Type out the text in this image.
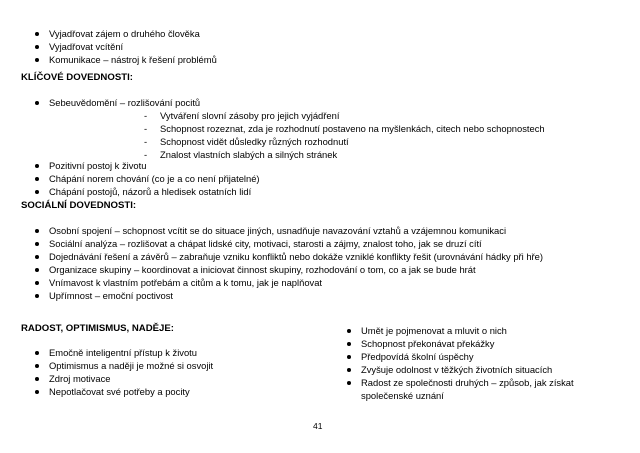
Vyjadřovat zájem o druhého člověka
Vyjadřovat vcítění
Komunikace – nástroj k řešení problémů
KLÍČOVÉ DOVEDNOSTI:
Sebeuvědomění – rozlišování pocitů
- Vytváření slovní zásoby pro jejich vyjádření
- Schopnost rozeznat, zda je rozhodnutí postaveno na myšlenkách, citech nebo schopnostech
- Schopnost vidět důsledky různých rozhodnutí
- Znalost vlastních slabých a silných stránek
Pozitivní postoj k životu
Chápání norem chování (co je a co není přijatelné)
Chápání postojů, názorů a hledisek ostatních lidí
SOCIÁLNÍ DOVEDNOSTI:
Osobní spojení – schopnost vcítit se do situace jiných, usnadňuje navazování vztahů a vzájemnou komunikaci
Sociální analýza – rozlišovat a chápat lidské city, motivaci, starosti a zájmy, znalost toho, jak se druzí cítí
Dojednávání řešení a závěrů – zabraňuje vzniku konfliktů nebo dokáže vzniklé konflikty řešit (urovnávání hádky při hře)
Organizace skupiny – koordinovat a iniciovat činnost skupiny, rozhodování o tom, co a jak se bude hrát
Vnímavost k vlastním potřebám a citům a k tomu, jak je naplňovat
Upřímnost – emoční poctivost
RADOST, OPTIMISMUS, NADĚJE:
Emočně inteligentní přístup k životu
Optimismus a naději je možné si osvojit
Zdroj motivace
Nepotlačovat své potřeby a pocity
Umět je pojmenovat a mluvit o nich
Schopnost překonávat překážky
Předpovídá školní úspěchy
Zvyšuje odolnost v těžkých životních situacích
Radost ze společnosti druhých – způsob, jak získat
společenské uznání
41
